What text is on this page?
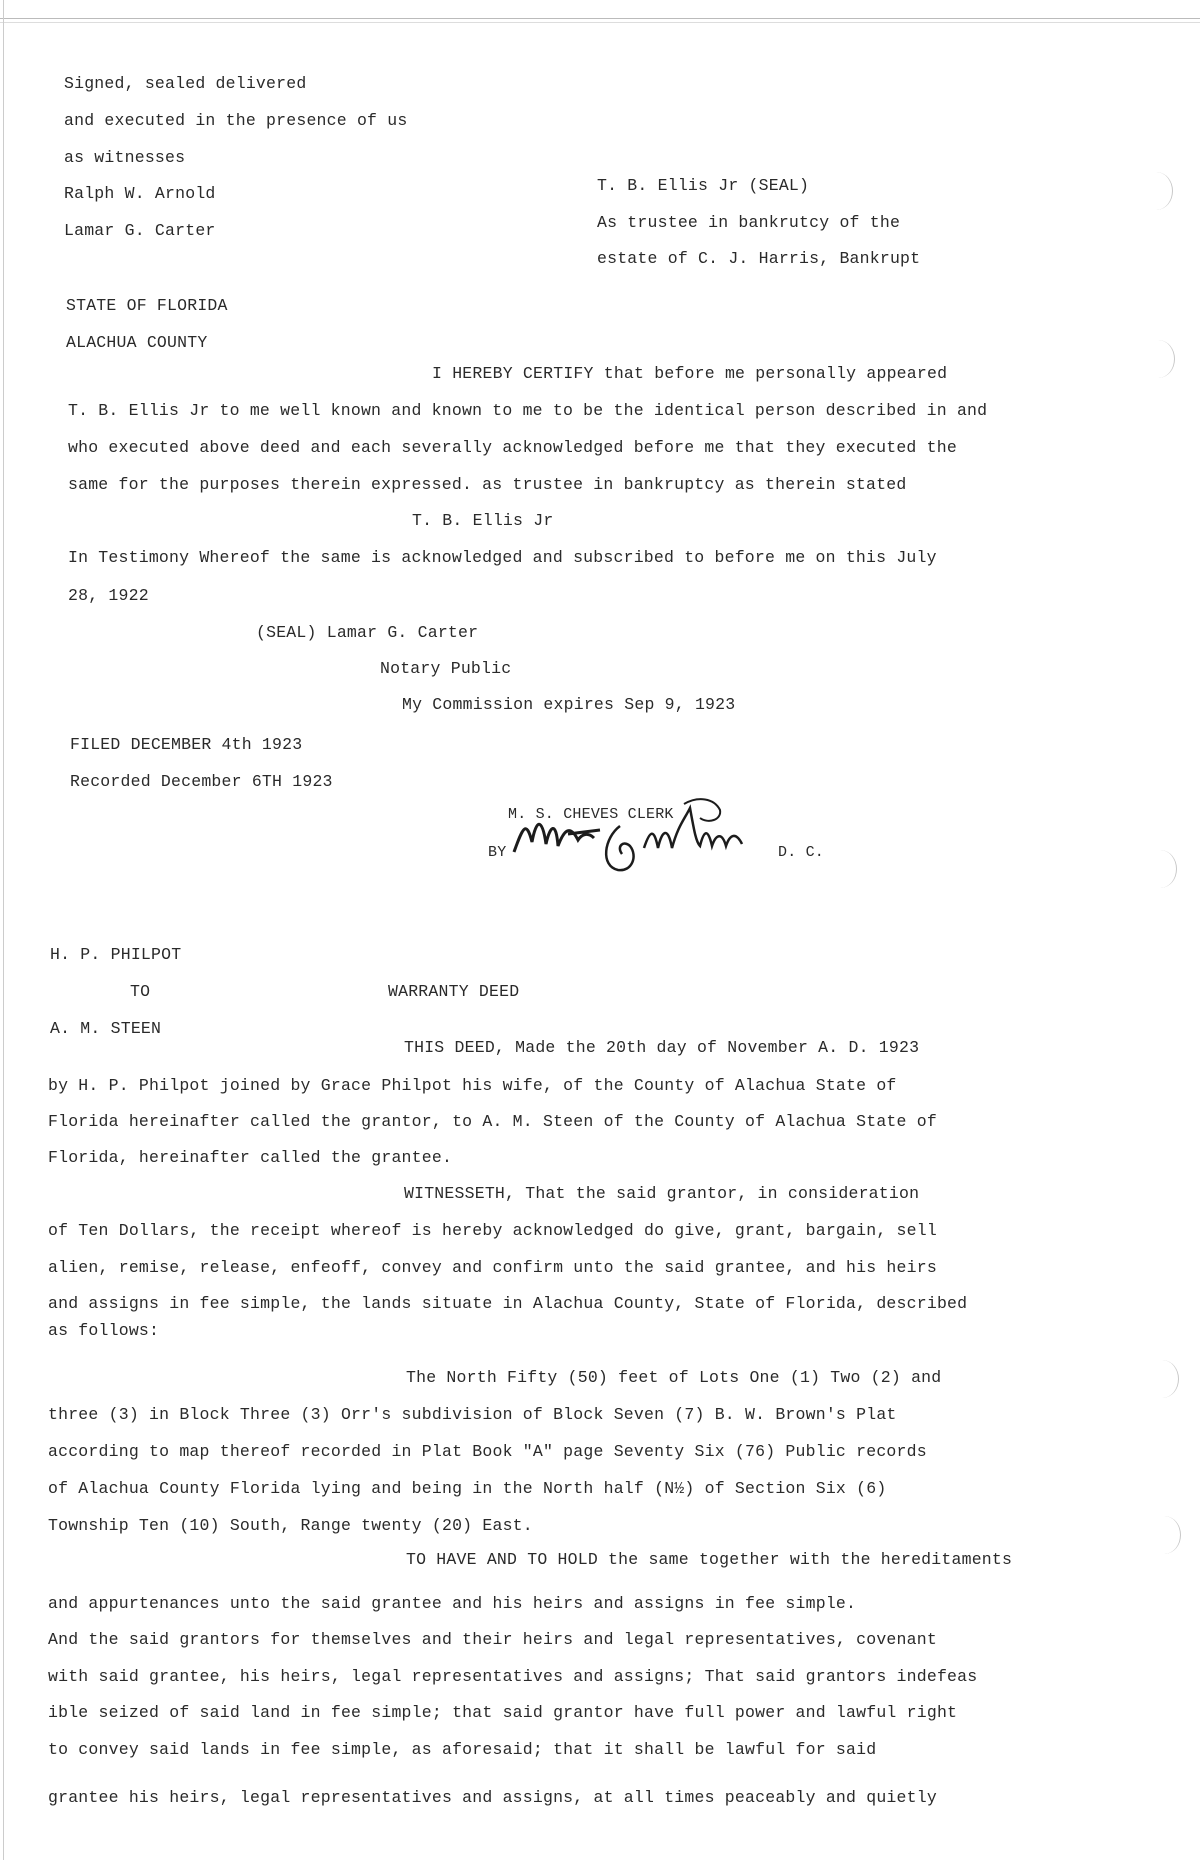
Signed, sealed delivered
and executed in the presence of us
as witnesses
Ralph W. Arnold
Lamar G. Carter
T. B. Ellis Jr (SEAL)
As trustee in bankrutcy of the
estate of C. J. Harris, Bankrupt
STATE OF FLORIDA
ALACHUA COUNTY
I HEREBY CERTIFY that before me personally appeared
T. B. Ellis Jr to me well known and known to me to be the identical person described in and
who executed above deed and each severally acknowledged before me that they executed the
same for the purposes therein expressed. as trustee in bankruptcy as therein stated
T. B. Ellis Jr
In Testimony Whereof the same is acknowledged and subscribed to before me on this July
28, 1922
(SEAL) Lamar G. Carter
Notary Public
My Commission expires Sep 9, 1923
FILED DECEMBER 4th 1923
Recorded December 6TH 1923
M. S. CHEVES CLERK
BY	D. C.
H. P. PHILPOT
TO
A. M. STEEN
WARRANTY DEED
THIS DEED, Made the 20th day of November A. D. 1923
by H. P. Philpot joined by Grace Philpot his wife, of the County of Alachua State of
Florida hereinafter called the grantor, to A. M. Steen of the County of Alachua State of
Florida, hereinafter called the grantee.
WITNESSETH, That the said grantor, in consideration
of Ten Dollars, the receipt whereof is hereby acknowledged do give, grant, bargain, sell
alien, remise, release, enfeoff, convey and confirm unto the said grantee, and his heirs
and assigns in fee simple, the lands situate in Alachua County, State of Florida, described
as follows:
The North Fifty (50) feet of Lots One (1) Two (2) and
three (3) in Block Three (3) Orr's subdivision of Block Seven (7) B. W. Brown's Plat
according to map thereof recorded in Plat Book "A" page Seventy Six (76) Public records
of Alachua County Florida lying and being in the North half (N½) of Section Six (6)
Township Ten (10) South, Range twenty (20) East.
TO HAVE AND TO HOLD the same together with the hereditaments
and appurtenances unto the said grantee and his heirs and assigns in fee simple.
And the said grantors for themselves and their heirs and legal representatives, covenant
with said grantee, his heirs, legal representatives and assigns; That said grantors indefeas
ible seized of said land in fee simple; that said grantor have full power and lawful right
to convey said lands in fee simple, as aforesaid; that it shall be lawful for said
grantee his heirs, legal representatives and assigns, at all times peaceably and quietly
